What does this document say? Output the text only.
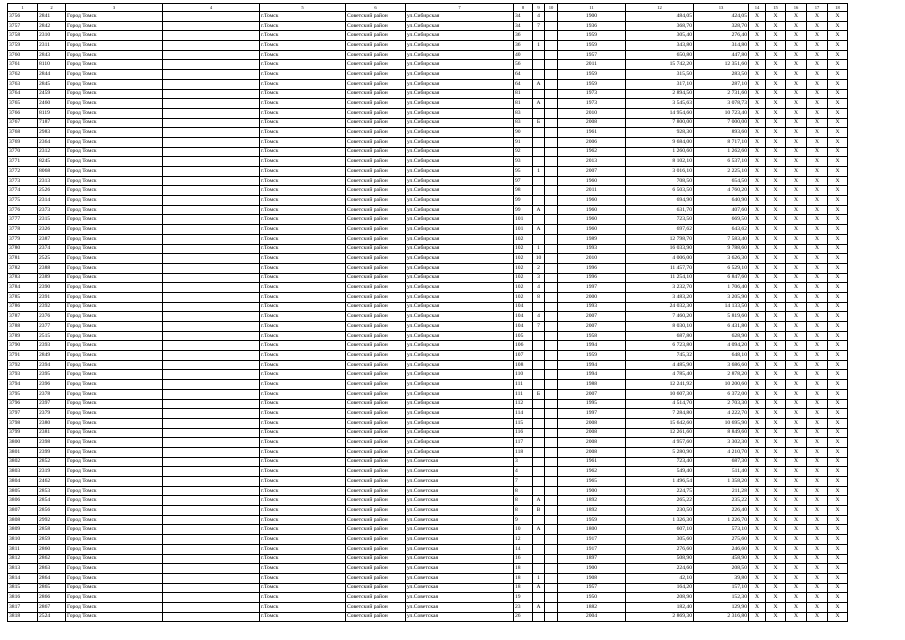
1	2	3	4	5	6	7	8	9	10	11	12	13	14	15	16	17	18
3756	2841	Город Томск		г.Томск	Советский район	ул.Сибирская	34	4		1900	484,05	424,05	X	X	X	X	X
3757	2842	Город Томск		г.Томск	Советский район	ул.Сибирская	34	7		1936	368,70	328,70	X	X	X	X	X
3758	2310	Город Томск		г.Томск	Советский район	ул.Сибирская	36			1959	305,40	276,40	X	X	X	X	X
3759	2311	Город Томск		г.Томск	Советский район	ул.Сибирская	36	1		1959	343,80	314,80	X	X	X	X	X
3760	2843	Город Томск		г.Томск	Советский район	ул.Сибирская	40			1957	650,80	447,80	X	X	X	X	X
3761	8110	Город Томск		г.Томск	Советский район	ул.Сибирская	56			2011	15 742,20	12 351,60	X	X	X	X	X
3762	2844	Город Томск		г.Томск	Советский район	ул.Сибирская	64			1959	315,50	283,50	X	X	X	X	X
3763	2845	Город Томск		г.Томск	Советский район	ул.Сибирская	64	А		1959	317,10	287,10	X	X	X	X	X
3764	2459	Город Томск		г.Томск	Советский район	ул.Сибирская	81			1973	2 894,50	2 731,60	X	X	X	X	X
3765	2460	Город Томск		г.Томск	Советский район	ул.Сибирская	81	А		1973	3 545,63	3 078,73	X	X	X	X	X
3766	8119	Город Томск		г.Томск	Советский район	ул.Сибирская	83			2010	14 954,60	10 723,40	X	X	X	X	X
3767	7187	Город Томск		г.Томск	Советский район	ул.Сибирская	83	Б		2008	7 800,00	7 000,00	X	X	X	X	X
3768	2983	Город Томск		г.Томск	Советский район	ул.Сибирская	90			1961	928,30	893,60	X	X	X	X	X
3769	2364	Город Томск		г.Томск	Советский район	ул.Сибирская	91			2006	9 684,00	8 717,10	X	X	X	X	X
3770	2312	Город Томск		г.Томск	Советский район	ул.Сибирская	92			1962	1 260,60	1 262,60	X	X	X	X	X
3771	8245	Город Томск		г.Томск	Советский район	ул.Сибирская	93			2013	8 102,10	6 537,10	X	X	X	X	X
3772	8068	Город Томск		г.Томск	Советский район	ул.Сибирская	95	1		2007	3 016,10	2 225,10	X	X	X	X	X
3773	2313	Город Томск		г.Томск	Советский район	ул.Сибирская	97			1960	708,50	654,50	X	X	X	X	X
3774	2526	Город Томск		г.Томск	Советский район	ул.Сибирская	98			2011	6 503,50	4 760,20	X	X	X	X	X
3775	2314	Город Томск		г.Томск	Советский район	ул.Сибирская	99			1960	694,90	640,90	X	X	X	X	X
3776	2373	Город Томск		г.Томск	Советский район	ул.Сибирская	99	А		1960	631,70	407,60	X	X	X	X	X
3777	2315	Город Томск		г.Томск	Советский район	ул.Сибирская	101			1960	723,50	669,50	X	X	X	X	X
3778	2326	Город Томск		г.Томск	Советский район	ул.Сибирская	101	А		1960	697,62	643,62	X	X	X	X	X
3779	2387	Город Томск		г.Томск	Советский район	ул.Сибирская	102			1989	12 798,70	7 583,40	X	X	X	X	X
3780	2374	Город Томск		г.Томск	Советский район	ул.Сибирская	102	1		1993	16 033,90	9 788,60	X	X	X	X	X
3781	2525	Город Томск		г.Томск	Советский район	ул.Сибирская	102	10		2010	4 006,00	3 626,30	X	X	X	X	X
3782	2388	Город Томск		г.Томск	Советский район	ул.Сибирская	102	2		1996	11 457,70	6 529,10	X	X	X	X	X
3783	2389	Город Томск		г.Томск	Советский район	ул.Сибирская	102	3		1996	11 254,10	6 847,60	X	X	X	X	X
3784	2390	Город Томск		г.Томск	Советский район	ул.Сибирская	102	4		1997	3 232,70	1 706,40	X	X	X	X	X
3785	2391	Город Томск		г.Томск	Советский район	ул.Сибирская	102	8		2000	3 483,20	3 205,90	X	X	X	X	X
3786	2392	Город Томск		г.Томск	Советский район	ул.Сибирская	104			1993	24 032,30	14 133,50	X	X	X	X	X
3787	2376	Город Томск		г.Томск	Советский район	ул.Сибирская	104	4		2007	7 460,20	5 819,60	X	X	X	X	X
3788	2377	Город Томск		г.Томск	Советский район	ул.Сибирская	104	7		2007	8 030,10	6 431,80	X	X	X	X	X
3789	2515	Город Томск		г.Томск	Советский район	ул.Сибирская	105			1958	687,80	628,90	X	X	X	X	X
3790	2393	Город Томск		г.Томск	Советский район	ул.Сибирская	106			1994	6 723,80	4 094,20	X	X	X	X	X
3791	2849	Город Томск		г.Томск	Советский район	ул.Сибирская	107			1959	745,32	648,10	X	X	X	X	X
3792	2394	Город Томск		г.Томск	Советский район	ул.Сибирская	108			1994	4 485,90	3 686,60	X	X	X	X	X
3793	2395	Город Томск		г.Томск	Советский район	ул.Сибирская	110			1994	4 785,40	2 878,20	X	X	X	X	X
3794	2396	Город Томск		г.Томск	Советский район	ул.Сибирская	111			1988	12 241,92	10 200,60	X	X	X	X	X
3795	2378	Город Томск		г.Томск	Советский район	ул.Сибирская	111	Б		2007	10 607,30	6 372,00	X	X	X	X	X
3796	2397	Город Томск		г.Томск	Советский район	ул.Сибирская	112			1995	4 514,70	2 703,30	X	X	X	X	X
3797	2379	Город Томск		г.Томск	Советский район	ул.Сибирская	114			1997	7 284,80	4 222,70	X	X	X	X	X
3798	2380	Город Томск		г.Томск	Советский район	ул.Сибирская	115			2008	15 642,60	10 695,90	X	X	X	X	X
3799	2381	Город Томск		г.Томск	Советский район	ул.Сибирская	116			2008	12 261,60	8 849,60	X	X	X	X	X
3800	2398	Город Томск		г.Томск	Советский район	ул.Сибирская	117			2008	4 957,60	3 302,30	X	X	X	X	X
3801	2399	Город Томск		г.Томск	Советский район	ул.Сибирская	118			2008	5 280,90	4 210,70	X	X	X	X	X
3802	2852	Город Томск		г.Томск	Советский район	ул.Советская	3			1961	723,40	687,30	X	X	X	X	X
3803	2319	Город Томск		г.Томск	Советский район	ул.Советская	4			1962	549,40	511,40	X	X	X	X	X
3804	2462	Город Томск		г.Томск	Советский район	ул.Советская	7			1965	1 496,54	1 358,20	X	X	X	X	X
3805	2853	Город Томск		г.Томск	Советский район	ул.Советская	8			1900	224,75	211,28	X	X	X	X	X
3806	2854	Город Томск		г.Томск	Советский район	ул.Советская	8	А		1892	265,22	235,22	X	X	X	X	X
3807	2856	Город Томск		г.Томск	Советский район	ул.Советская	8	В		1892	230,50	226,40	X	X	X	X	X
3808	2992	Город Томск		г.Томск	Советский район	ул.Советская	9			1959	1 326,30	1 226,70	X	X	X	X	X
3809	2858	Город Томск		г.Томск	Советский район	ул.Советская	10	А		1800	607,10	573,10	X	X	X	X	X
3810	2859	Город Томск		г.Томск	Советский район	ул.Советская	12			1917	305,60	275,60	X	X	X	X	X
3811	2860	Город Томск		г.Томск	Советский район	ул.Советская	14			1917	276,60	246,60	X	X	X	X	X
3812	2862	Город Томск		г.Томск	Советский район	ул.Советская	16			1897	508,90	458,90	X	X	X	X	X
3813	2863	Город Томск		г.Томск	Советский район	ул.Советская	18			1900	224,60	208,50	X	X	X	X	X
3814	2864	Город Томск		г.Томск	Советский район	ул.Советская	18	1		1908	42,10	39,80	X	X	X	X	X
3815	2865	Город Томск		г.Томск	Советский район	ул.Советская	18	А		1957	164,20	157,10	X	X	X	X	X
3816	2866	Город Томск		г.Томск	Советский район	ул.Советская	19			1950	208,90	152,30	X	X	X	X	X
3817	2867	Город Томск		г.Томск	Советский район	ул.Советская	23	А		1882	182,40	129,90	X	X	X	X	X
3818	2524	Город Томск		г.Томск	Советский район	ул.Советская	26			2004	2 869,30	2 316,80	X	X	X	X	X
